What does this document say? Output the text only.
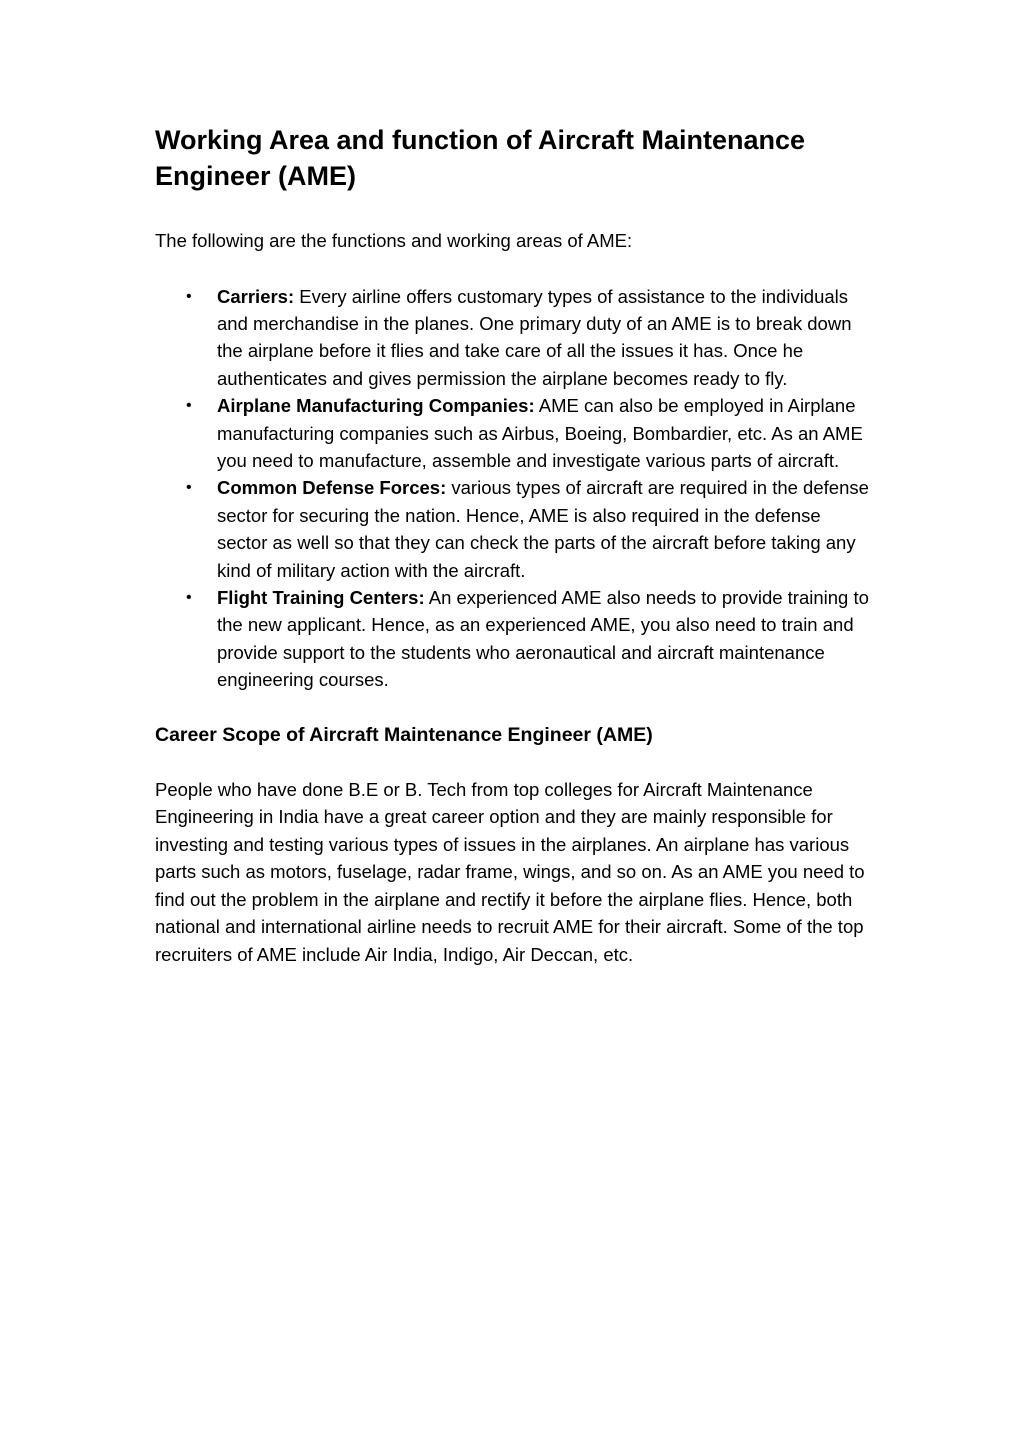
Working Area and function of Aircraft Maintenance Engineer (AME)

The following are the functions and working areas of AME:

• Carriers: Every airline offers customary types of assistance to the individuals and merchandise in the planes. One primary duty of an AME is to break down the airplane before it flies and take care of all the issues it has. Once he authenticates and gives permission the airplane becomes ready to fly.
• Airplane Manufacturing Companies: AME can also be employed in Airplane manufacturing companies such as Airbus, Boeing, Bombardier, etc. As an AME you need to manufacture, assemble and investigate various parts of aircraft.
• Common Defense Forces: various types of aircraft are required in the defense sector for securing the nation. Hence, AME is also required in the defense sector as well so that they can check the parts of the aircraft before taking any kind of military action with the aircraft.
• Flight Training Centers: An experienced AME also needs to provide training to the new applicant. Hence, as an experienced AME, you also need to train and provide support to the students who aeronautical and aircraft maintenance engineering courses.
Career Scope of Aircraft Maintenance Engineer (AME)

People who have done B.E or B. Tech from top colleges for Aircraft Maintenance Engineering in India have a great career option and they are mainly responsible for investing and testing various types of issues in the airplanes. An airplane has various parts such as motors, fuselage, radar frame, wings, and so on. As an AME you need to find out the problem in the airplane and rectify it before the airplane flies. Hence, both national and international airline needs to recruit AME for their aircraft. Some of the top recruiters of AME include Air India, Indigo, Air Deccan, etc.
